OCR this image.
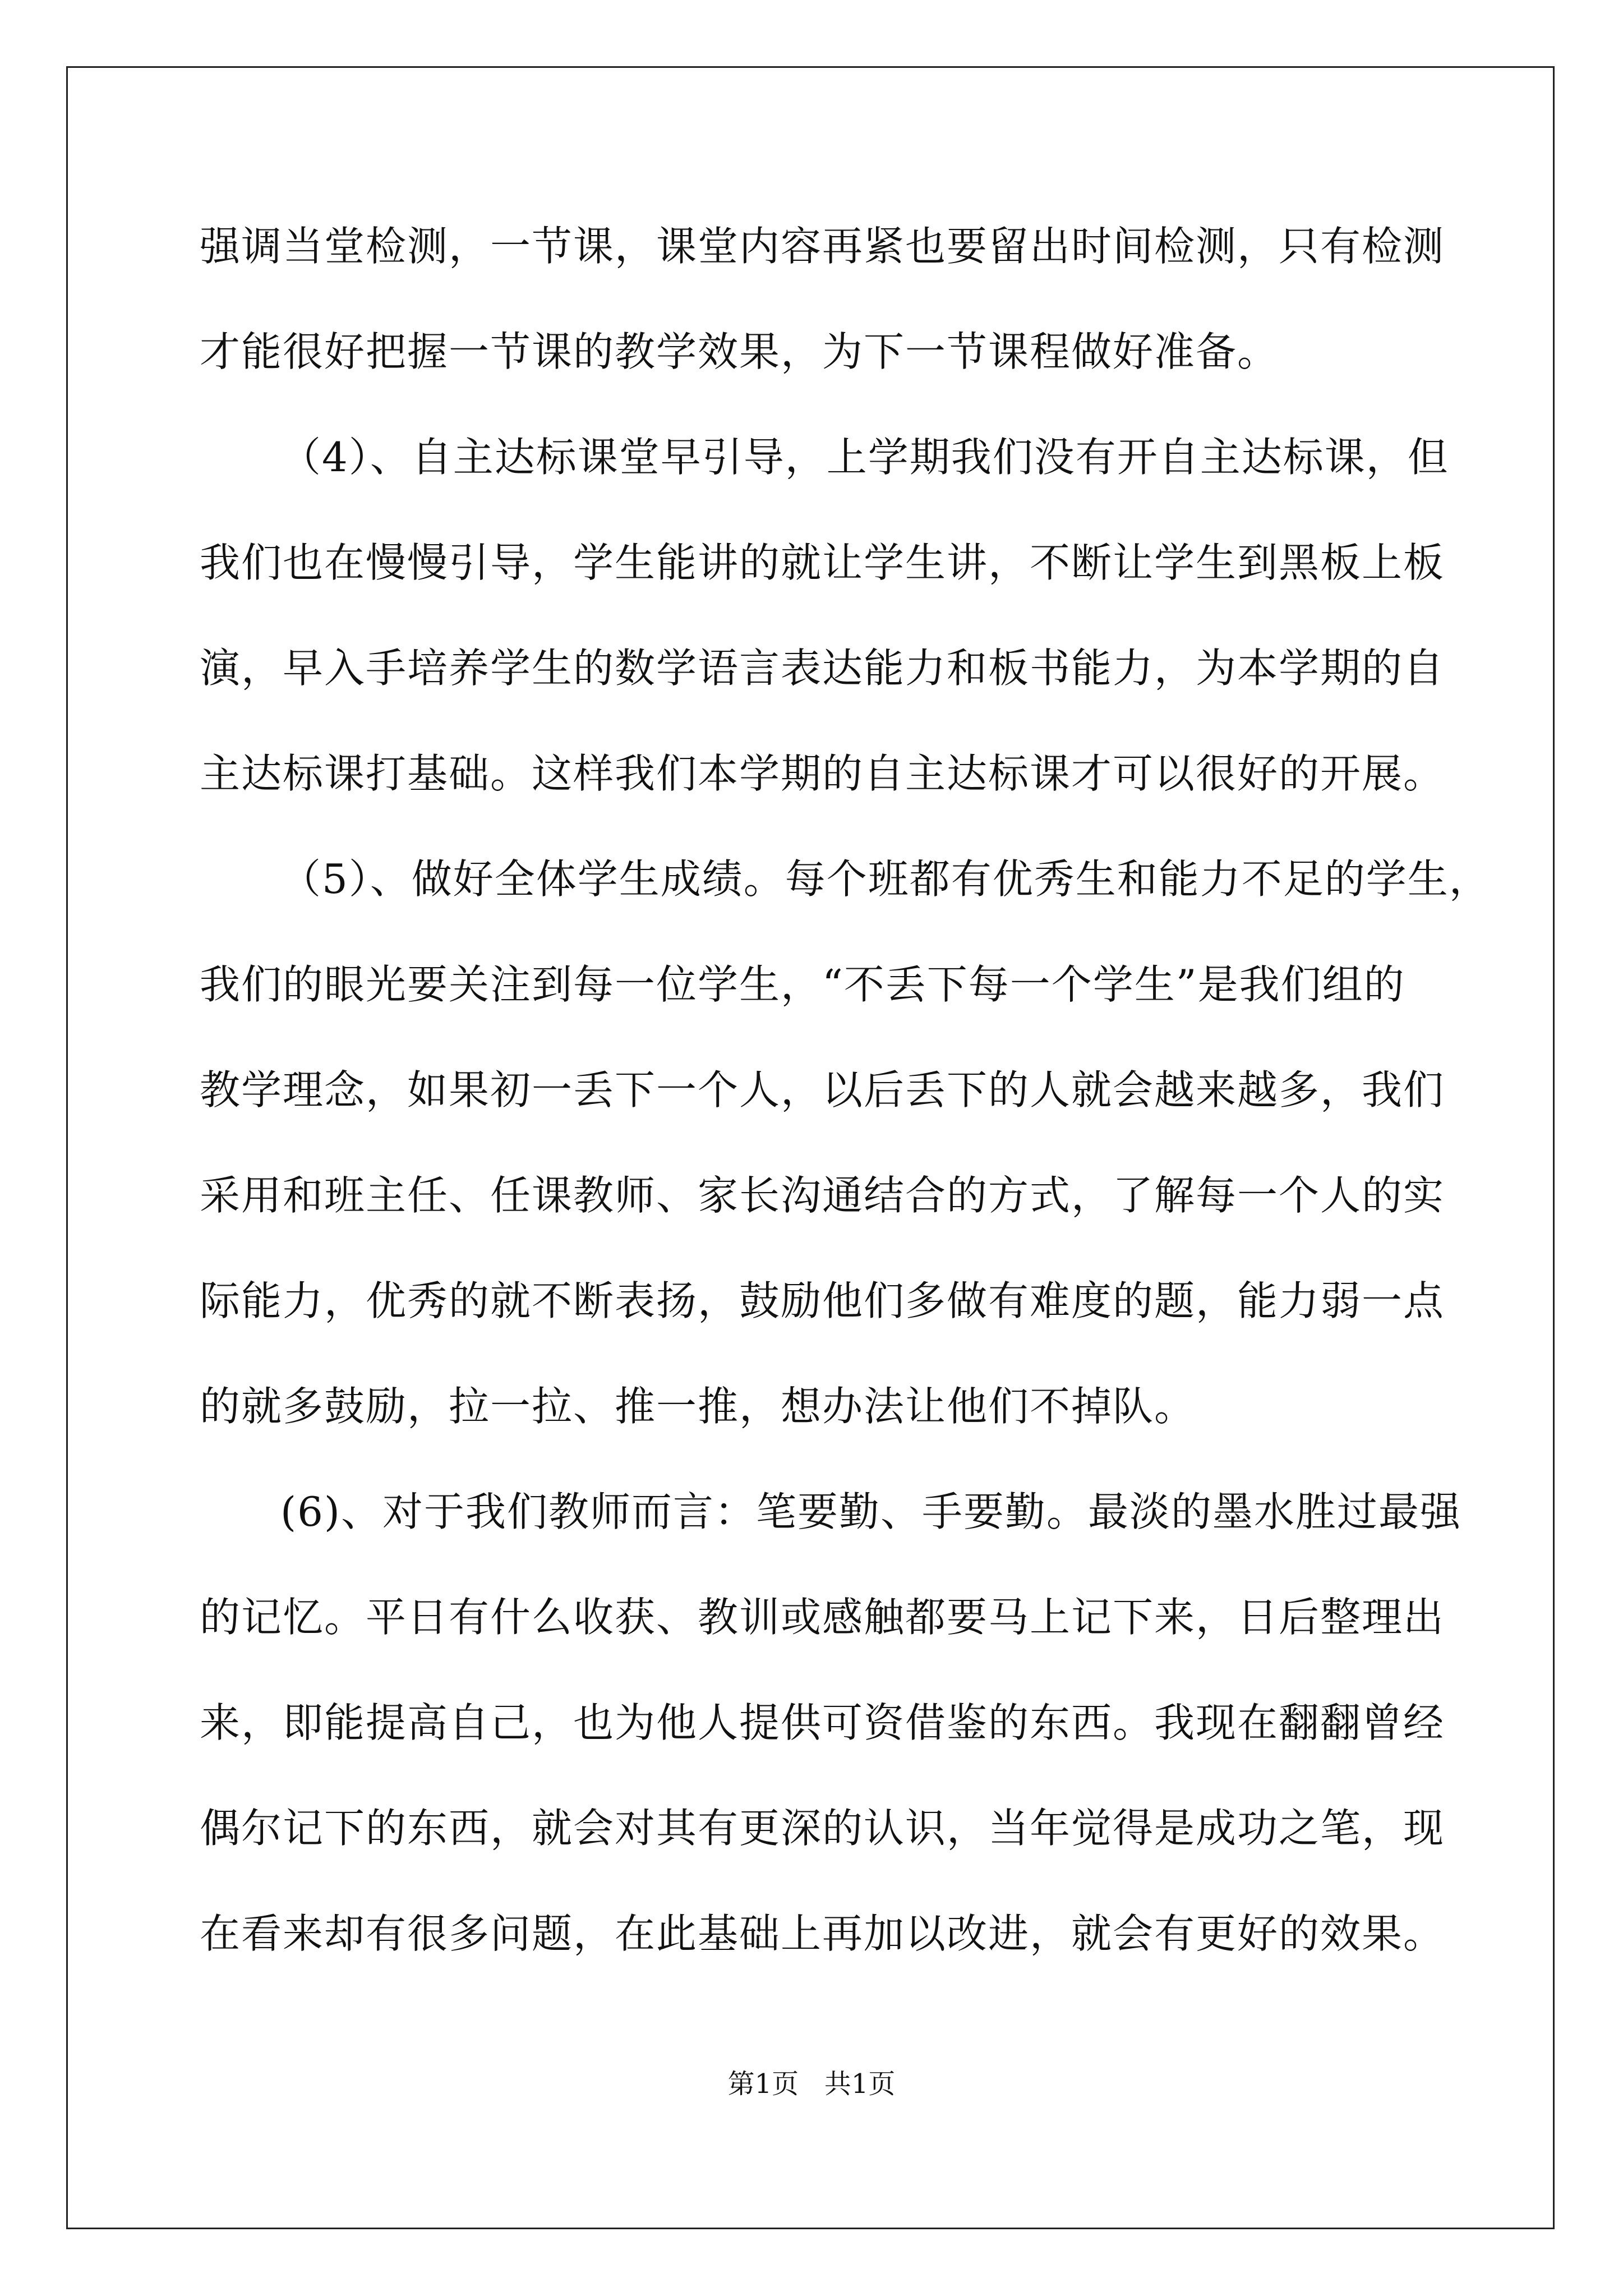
强调当堂检测，一节课，课堂内容再紧也要留出时间检测，只有检测
才能很好把握一节课的教学效果，为下一节课程做好准备。
（4）、自主达标课堂早引导，上学期我们没有开自主达标课，但
我们也在慢慢引导，学生能讲的就让学生讲，不断让学生到黑板上板
演，早入手培养学生的数学语言表达能力和板书能力，为本学期的自
主达标课打基础。这样我们本学期的自主达标课才可以很好的开展。
（5）、做好全体学生成绩。每个班都有优秀生和能力不足的学生，
我们的眼光要关注到每一位学生，“不丢下每一个学生”是我们组的
教学理念，如果初一丢下一个人，以后丢下的人就会越来越多，我们
采用和班主任、任课教师、家长沟通结合的方式，了解每一个人的实
际能力，优秀的就不断表扬，鼓励他们多做有难度的题，能力弱一点
的就多鼓励，拉一拉、推一推，想办法让他们不掉队。
(6)、对于我们教师而言：笔要勤、手要勤。最淡的墨水胜过最强
的记忆。平日有什么收获、教训或感触都要马上记下来，日后整理出
来，即能提高自己，也为他人提供可资借鉴的东西。我现在翻翻曾经
偶尔记下的东西，就会对其有更深的认识，当年觉得是成功之笔，现
在看来却有很多问题，在此基础上再加以改进，就会有更好的效果。
第1页   共1页
